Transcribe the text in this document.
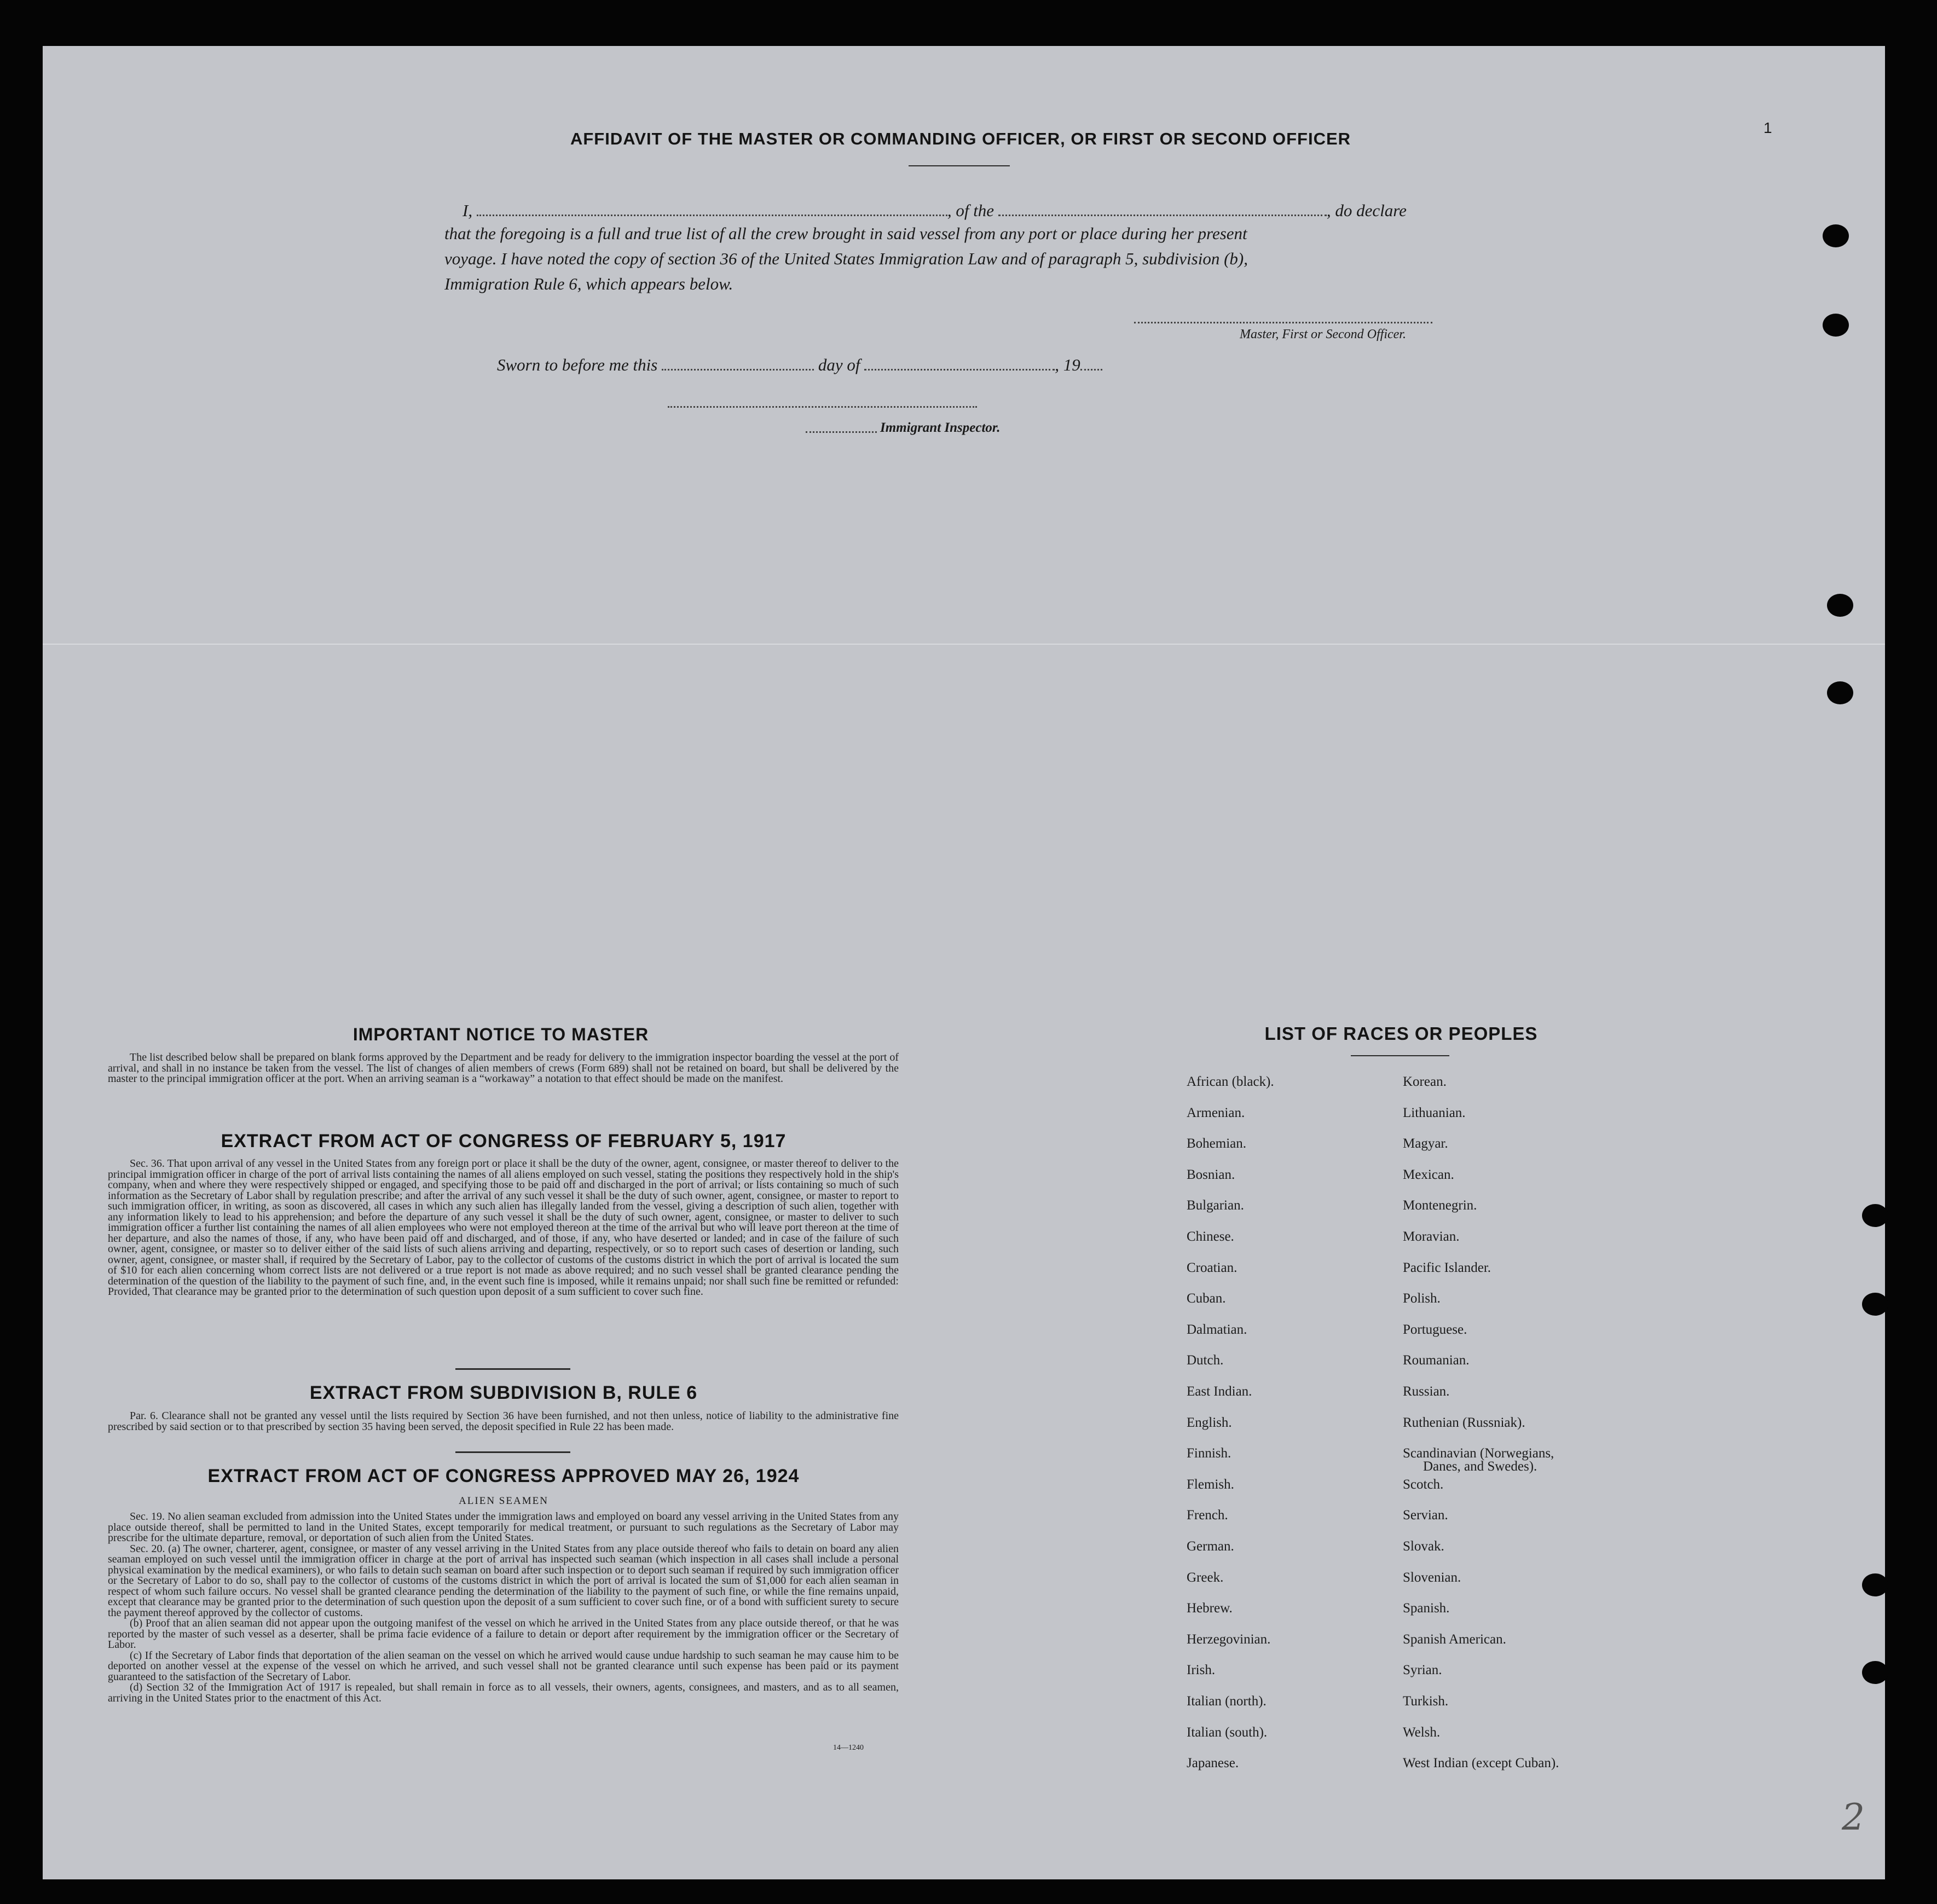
AFFIDAVIT OF THE MASTER OR COMMANDING OFFICER, OR FIRST OR SECOND OFFICER
1
I,	, of the	, do declare
that the foregoing is a full and true list of all the crew brought in said vessel from any port or place during her present
voyage. I have noted the copy of section 36 of the United States Immigration Law and of paragraph 5, subdivision (b),
Immigration Rule 6, which appears below.
Master, First or Second Officer.
Sworn to before me this	day of	, 19
Immigrant Inspector.
IMPORTANT NOTICE TO MASTER

The list described below shall be prepared on blank forms approved by the Department and be ready for delivery to the immigration inspector boarding the vessel at the port of arrival, and shall in no instance be taken from the vessel. The list of changes of alien members of crews (Form 689) shall not be retained on board, but shall be delivered by the master to the principal immigration officer at the port. When an arriving seaman is a “workaway” a notation to that effect should be made on the manifest.

EXTRACT FROM ACT OF CONGRESS OF FEBRUARY 5, 1917

Sec. 36. That upon arrival of any vessel in the United States from any foreign port or place it shall be the duty of the owner, agent, consignee, or master thereof to deliver to the principal immigration officer in charge of the port of arrival lists containing the names of all aliens employed on such vessel, stating the positions they respectively hold in the ship's company, when and where they were respectively shipped or engaged, and specifying those to be paid off and discharged in the port of arrival; or lists containing so much of such information as the Secretary of Labor shall by regulation prescribe; and after the arrival of any such vessel it shall be the duty of such owner, agent, consignee, or master to report to such immigration officer, in writing, as soon as discovered, all cases in which any such alien has illegally landed from the vessel, giving a description of such alien, together with any information likely to lead to his apprehension; and before the departure of any such vessel it shall be the duty of such owner, agent, consignee, or master to deliver to such immigration officer a further list containing the names of all alien employees who were not employed thereon at the time of the arrival but who will leave port thereon at the time of her departure, and also the names of those, if any, who have been paid off and discharged, and of those, if any, who have deserted or landed; and in case of the failure of such owner, agent, consignee, or master so to deliver either of the said lists of such aliens arriving and departing, respectively, or so to report such cases of desertion or landing, such owner, agent, consignee, or master shall, if required by the Secretary of Labor, pay to the collector of customs of the customs district in which the port of arrival is located the sum of $10 for each alien concerning whom correct lists are not delivered or a true report is not made as above required; and no such vessel shall be granted clearance pending the determination of the question of the liability to the payment of such fine, and, in the event such fine is imposed, while it remains unpaid; nor shall such fine be remitted or refunded: Provided, That clearance may be granted prior to the determination of such question upon deposit of a sum sufficient to cover such fine.

EXTRACT FROM SUBDIVISION B, RULE 6

Par. 6. Clearance shall not be granted any vessel until the lists required by Section 36 have been furnished, and not then unless, notice of liability to the administrative fine prescribed by said section or to that prescribed by section 35 having been served, the deposit specified in Rule 22 has been made.

EXTRACT FROM ACT OF CONGRESS APPROVED MAY 26, 1924
ALIEN SEAMEN

Sec. 19. No alien seaman excluded from admission into the United States under the immigration laws and employed on board any vessel arriving in the United States from any place outside thereof, shall be permitted to land in the United States, except temporarily for medical treatment, or pursuant to such regulations as the Secretary of Labor may prescribe for the ultimate departure, removal, or deportation of such alien from the United States.

Sec. 20. (a) The owner, charterer, agent, consignee, or master of any vessel arriving in the United States from any place outside thereof who fails to detain on board any alien seaman employed on such vessel until the immigration officer in charge at the port of arrival has inspected such seaman (which inspection in all cases shall include a personal physical examination by the medical examiners), or who fails to detain such seaman on board after such inspection or to deport such seaman if required by such immigration officer or the Secretary of Labor to do so, shall pay to the collector of customs of the customs district in which the port of arrival is located the sum of $1,000 for each alien seaman in respect of whom such failure occurs. No vessel shall be granted clearance pending the determination of the liability to the payment of such fine, or while the fine remains unpaid, except that clearance may be granted prior to the determination of such question upon the deposit of a sum sufficient to cover such fine, or of a bond with sufficient surety to secure the payment thereof approved by the collector of customs.

(b) Proof that an alien seaman did not appear upon the outgoing manifest of the vessel on which he arrived in the United States from any place outside thereof, or that he was reported by the master of such vessel as a deserter, shall be prima facie evidence of a failure to detain or deport after requirement by the immigration officer or the Secretary of Labor.

(c) If the Secretary of Labor finds that deportation of the alien seaman on the vessel on which he arrived would cause undue hardship to such seaman he may cause him to be deported on another vessel at the expense of the vessel on which he arrived, and such vessel shall not be granted clearance until such expense has been paid or its payment guaranteed to the satisfaction of the Secretary of Labor.

(d) Section 32 of the Immigration Act of 1917 is repealed, but shall remain in force as to all vessels, their owners, agents, consignees, and masters, and as to all seamen, arriving in the United States prior to the enactment of this Act.

14—1240
LIST OF RACES OR PEOPLES
African (black).
Armenian.
Bohemian.
Bosnian.
Bulgarian.
Chinese.
Croatian.
Cuban.
Dalmatian.
Dutch.
East Indian.
English.
Finnish.
Flemish.
French.
German.
Greek.
Hebrew.
Herzegovinian.
Irish.
Italian (north).
Italian (south).
Japanese.
Korean.
Lithuanian.
Magyar.
Mexican.
Montenegrin.
Moravian.
Pacific Islander.
Polish.
Portuguese.
Roumanian.
Russian.
Ruthenian (Russniak).
Scandinavian (Norwegians,
Scotch.
Servian.
Slovak.
Slovenian.
Spanish.
Spanish American.
Syrian.
Turkish.
Welsh.
West Indian (except Cuban).
Danes, and Swedes).
2
